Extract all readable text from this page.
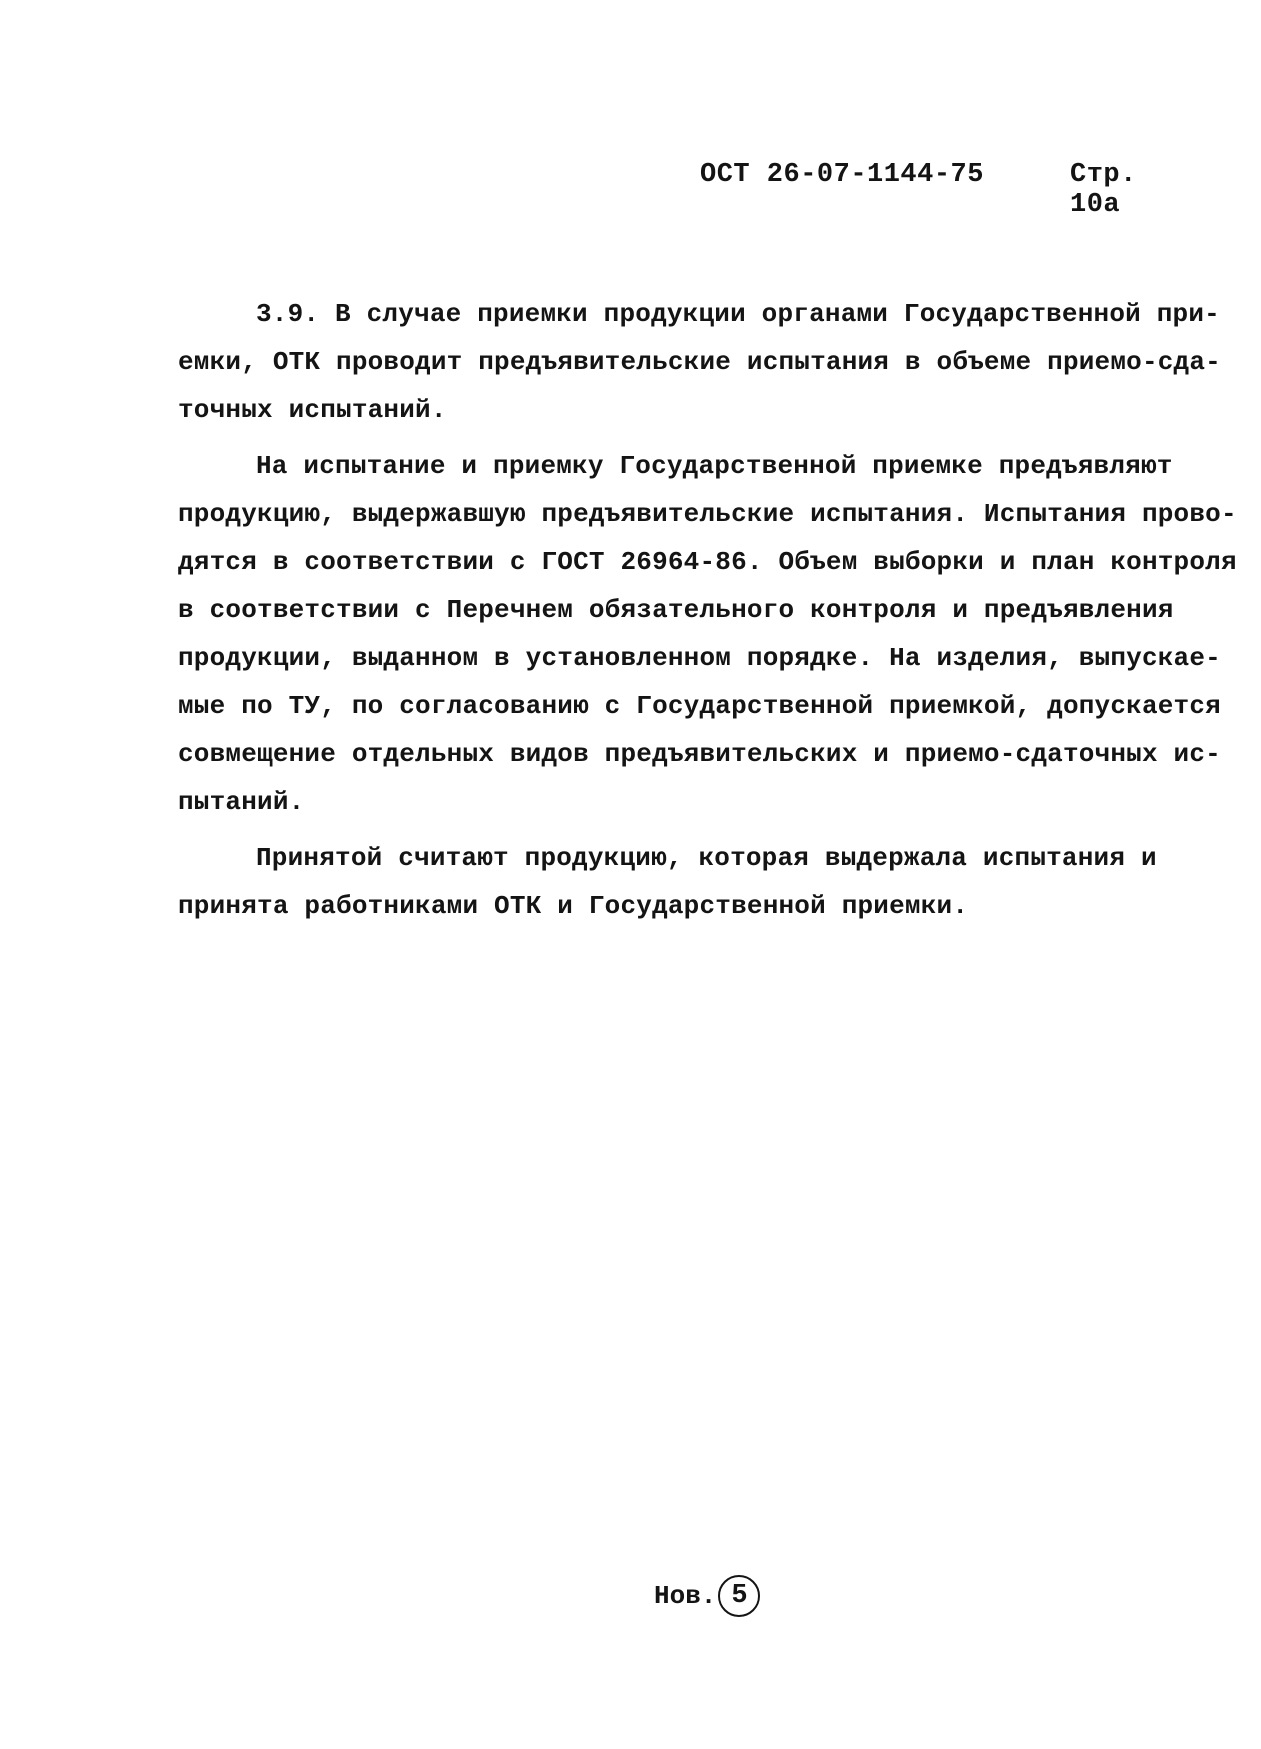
ОСТ 26-07-1144-75	Стр. 10а
3.9. В случае приемки продукции органами Государственной при-
емки, ОТК проводит предъявительские испытания в объеме приемо-сда-
точных испытаний.
На испытание и приемку Государственной приемке предъявляют
продукцию, выдержавшую предъявительские испытания. Испытания прово-
дятся в соответствии с ГОСТ 26964-86. Объем выборки и план контроля
в соответствии с Перечнем обязательного контроля и предъявления
продукции, выданном в установленном порядке. На изделия, выпускае-
мые по ТУ, по согласованию с Государственной приемкой, допускается
совмещение отдельных видов предъявительских и приемо-сдаточных ис-
пытаний.
Принятой считают продукцию, которая выдержала испытания и
принята работниками ОТК и Государственной приемки.
Нов. 5
